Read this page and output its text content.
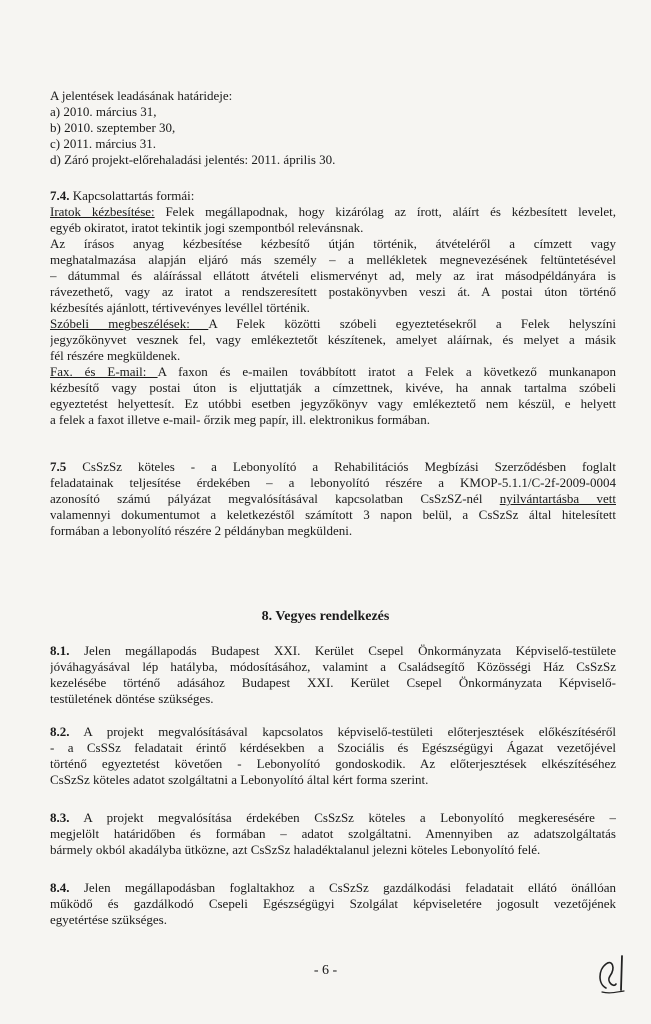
A jelentések leadásának határideje:
a) 2010. március 31,
b) 2010. szeptember 30,
c) 2011. március 31.
d) Záró projekt-előrehaladási jelentés: 2011. április 30.
7.4. Kapcsolattartás formái:
Iratok kézbesítése: Felek megállapodnak, hogy kizárólag az írott, aláírt és kézbesített levelet,
egyéb okiratot, iratot tekintik jogi szempontból relevánsnak.
Az írásos anyag kézbesítése kézbesítő útján történik, átvételéről a címzett vagy
meghatalmazása alapján eljáró más személy – a mellékletek megnevezésének feltüntetésével
– dátummal és aláírással ellátott átvételi elismervényt ad, mely az irat másodpéldányára is
rávezethető, vagy az iratot a rendszeresített postakönyvben veszi át. A postai úton történő
kézbesítés ajánlott, tértivevényes levéllel történik.
Szóbeli megbeszélések: A Felek közötti szóbeli egyeztetésekről a Felek helyszíni
jegyzőkönyvet vesznek fel, vagy emlékeztetőt készítenek, amelyet aláírnak, és melyet a másik
fél részére megküldenek.
Fax. és E-mail: A faxon és e-mailen továbbított iratot a Felek a következő munkanapon
kézbesítő vagy postai úton is eljuttatják a címzettnek, kivéve, ha annak tartalma szóbeli
egyeztetést helyettesít. Ez utóbbi esetben jegyzőkönyv vagy emlékeztető nem készül, e helyett
a felek a faxot illetve e-mail- őrzik meg papír, ill. elektronikus formában.
7.5 CsSzSz köteles - a Lebonyolító a Rehabilitációs Megbízási Szerződésben foglalt
feladatainak teljesítése érdekében – a lebonyolító részére a KMOP-5.1.1/C-2f-2009-0004
azonosító számú pályázat megvalósításával kapcsolatban CsSzSZ-nél nyilvántartásba vett
valamennyi dokumentumot a keletkezéstől számított 3 napon belül, a CsSzSz által hitelesített
formában a lebonyolító részére 2 példányban megküldeni.
8. Vegyes rendelkezés
8.1. Jelen megállapodás Budapest XXI. Kerület Csepel Önkormányzata Képviselő-testülete
jóváhagyásával lép hatályba, módosításához, valamint a Családsegítő Közösségi Ház CsSzSz
kezelésébe történő adásához Budapest XXI. Kerület Csepel Önkormányzata Képviselő-
testületének döntése szükséges.
8.2. A projekt megvalósításával kapcsolatos képviselő-testületi előterjesztések előkészítéséről
- a CsSSz feladatait érintő kérdésekben a Szociális és Egészségügyi Ágazat vezetőjével
történő egyeztetést követően - Lebonyolító gondoskodik. Az előterjesztések elkészítéséhez
CsSzSz köteles adatot szolgáltatni a Lebonyolító által kért forma szerint.
8.3. A projekt megvalósítása érdekében CsSzSz köteles a Lebonyolító megkeresésére –
megjelölt határidőben és formában – adatot szolgáltatni. Amennyiben az adatszolgáltatás
bármely okból akadályba ütközne, azt CsSzSz haladéktalanul jelezni köteles Lebonyolító felé.
8.4. Jelen megállapodásban foglaltakhoz a CsSzSz gazdálkodási feladatait ellátó önállóan
működő és gazdálkodó Csepeli Egészségügyi Szolgálat képviseletére jogosult vezetőjének
egyetértése szükséges.
- 6 -
